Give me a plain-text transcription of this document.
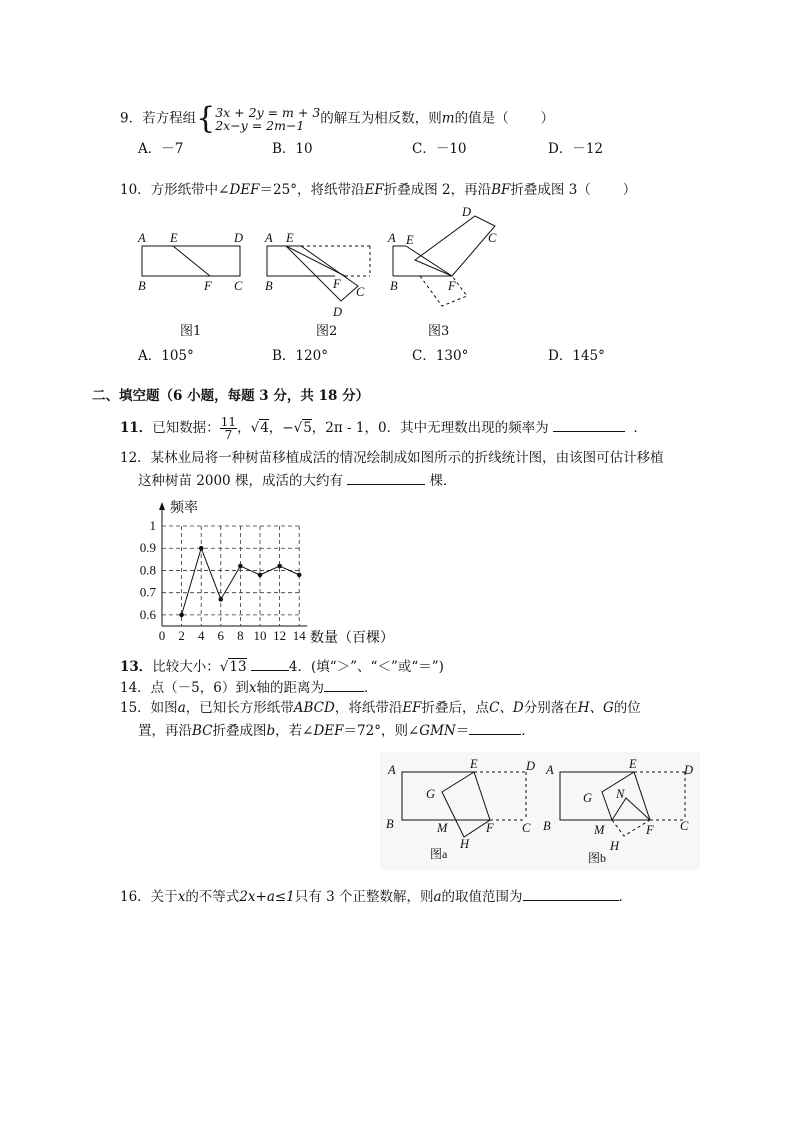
9．若方程组{ 3x + 2y = m + 3
2x−y = 2m−1	的解互为相反数，则m的值是（ ）
A．－7	B．10	C．－10	D．－12
10．方形纸带中∠DEF＝25°，将纸带沿EF折叠成图 2，再沿BF折叠成图 3（ ）
A E	D
B	F C
A E
B	F
C
D
A E
D
C
B	F
图1	图2	图3
A．105°	B．120°	C．130°	D．145°
二、填空题（6 小题，每题 3 分，共 18 分）
11．已知数据： $\frac{11}{7}$ ，√4，−√5，2π - 1，0．其中无理数出现的频率为	．
12．某林业局将一种树苗移植成活的情况绘制成如图所示的折线统计图，由该图可估计移植
这种树苗 2000 棵，成活的大约有	棵．
0 2 4 6 8 10 12 14
0.6
0.7
0.8
0.9
1
频率
数量（百棵）
13．比较大小：√13	4．(填“＞”、“＜”或“＝”)
14．点（－5，6）到x轴的距离为	．
15．如图a，已知长方形纸带ABCD，将纸带沿EF折叠后，点C、D分别落在H、G的位
置，再沿BC折叠成图b，若∠DEF＝72°，则∠GMN＝	．
A	E	D
G
B	M	F C
H
A	E	D
G N
B	M	F C
H
图a	图b
16．关于x的不等式2x+a≤1只有 3 个正整数解，则a的取值范围为	．
